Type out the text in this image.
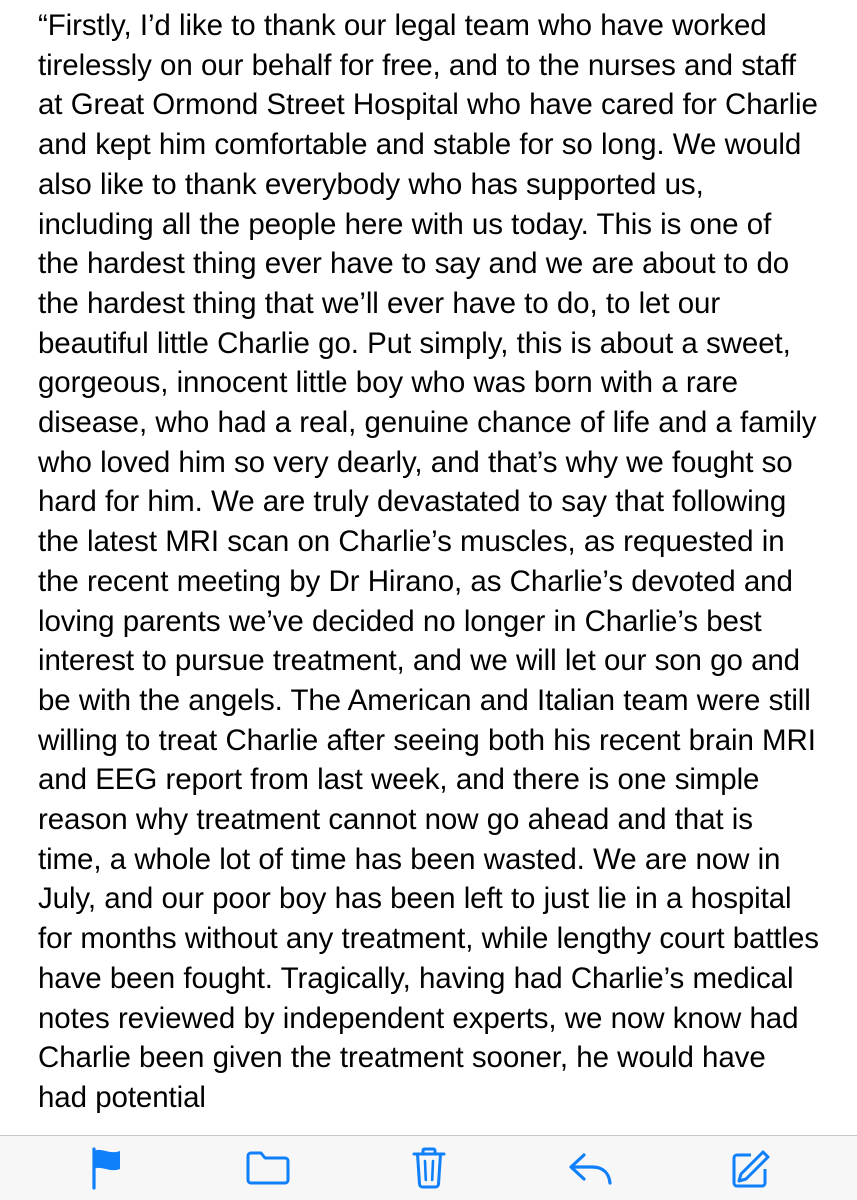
“Firstly, I’d like to thank our legal team who have worked tirelessly on our behalf for free, and to the nurses and staff at Great Ormond Street Hospital who have cared for Charlie and kept him comfortable and stable for so long. We would also like to thank everybody who has supported us, including all the people here with us today. This is one of the hardest thing ever have to say and we are about to do the hardest thing that we’ll ever have to do, to let our beautiful little Charlie go. Put simply, this is about a sweet, gorgeous, innocent little boy who was born with a rare disease, who had a real, genuine chance of life and a family who loved him so very dearly, and that’s why we fought so hard for him. We are truly devastated to say that following the latest MRI scan on Charlie’s muscles, as requested in the recent meeting by Dr Hirano, as Charlie’s devoted and loving parents we’ve decided no longer in Charlie’s best interest to pursue treatment, and we will let our son go and be with the angels. The American and Italian team were still willing to treat Charlie after seeing both his recent brain MRI and EEG report from last week, and there is one simple reason why treatment cannot now go ahead and that is time, a whole lot of time has been wasted. We are now in July, and our poor boy has been left to just lie in a hospital for months without any treatment, while lengthy court battles have been fought. Tragically, having had Charlie’s medical notes reviewed by independent experts, we now know had Charlie been given the treatment sooner, he would have had potential
